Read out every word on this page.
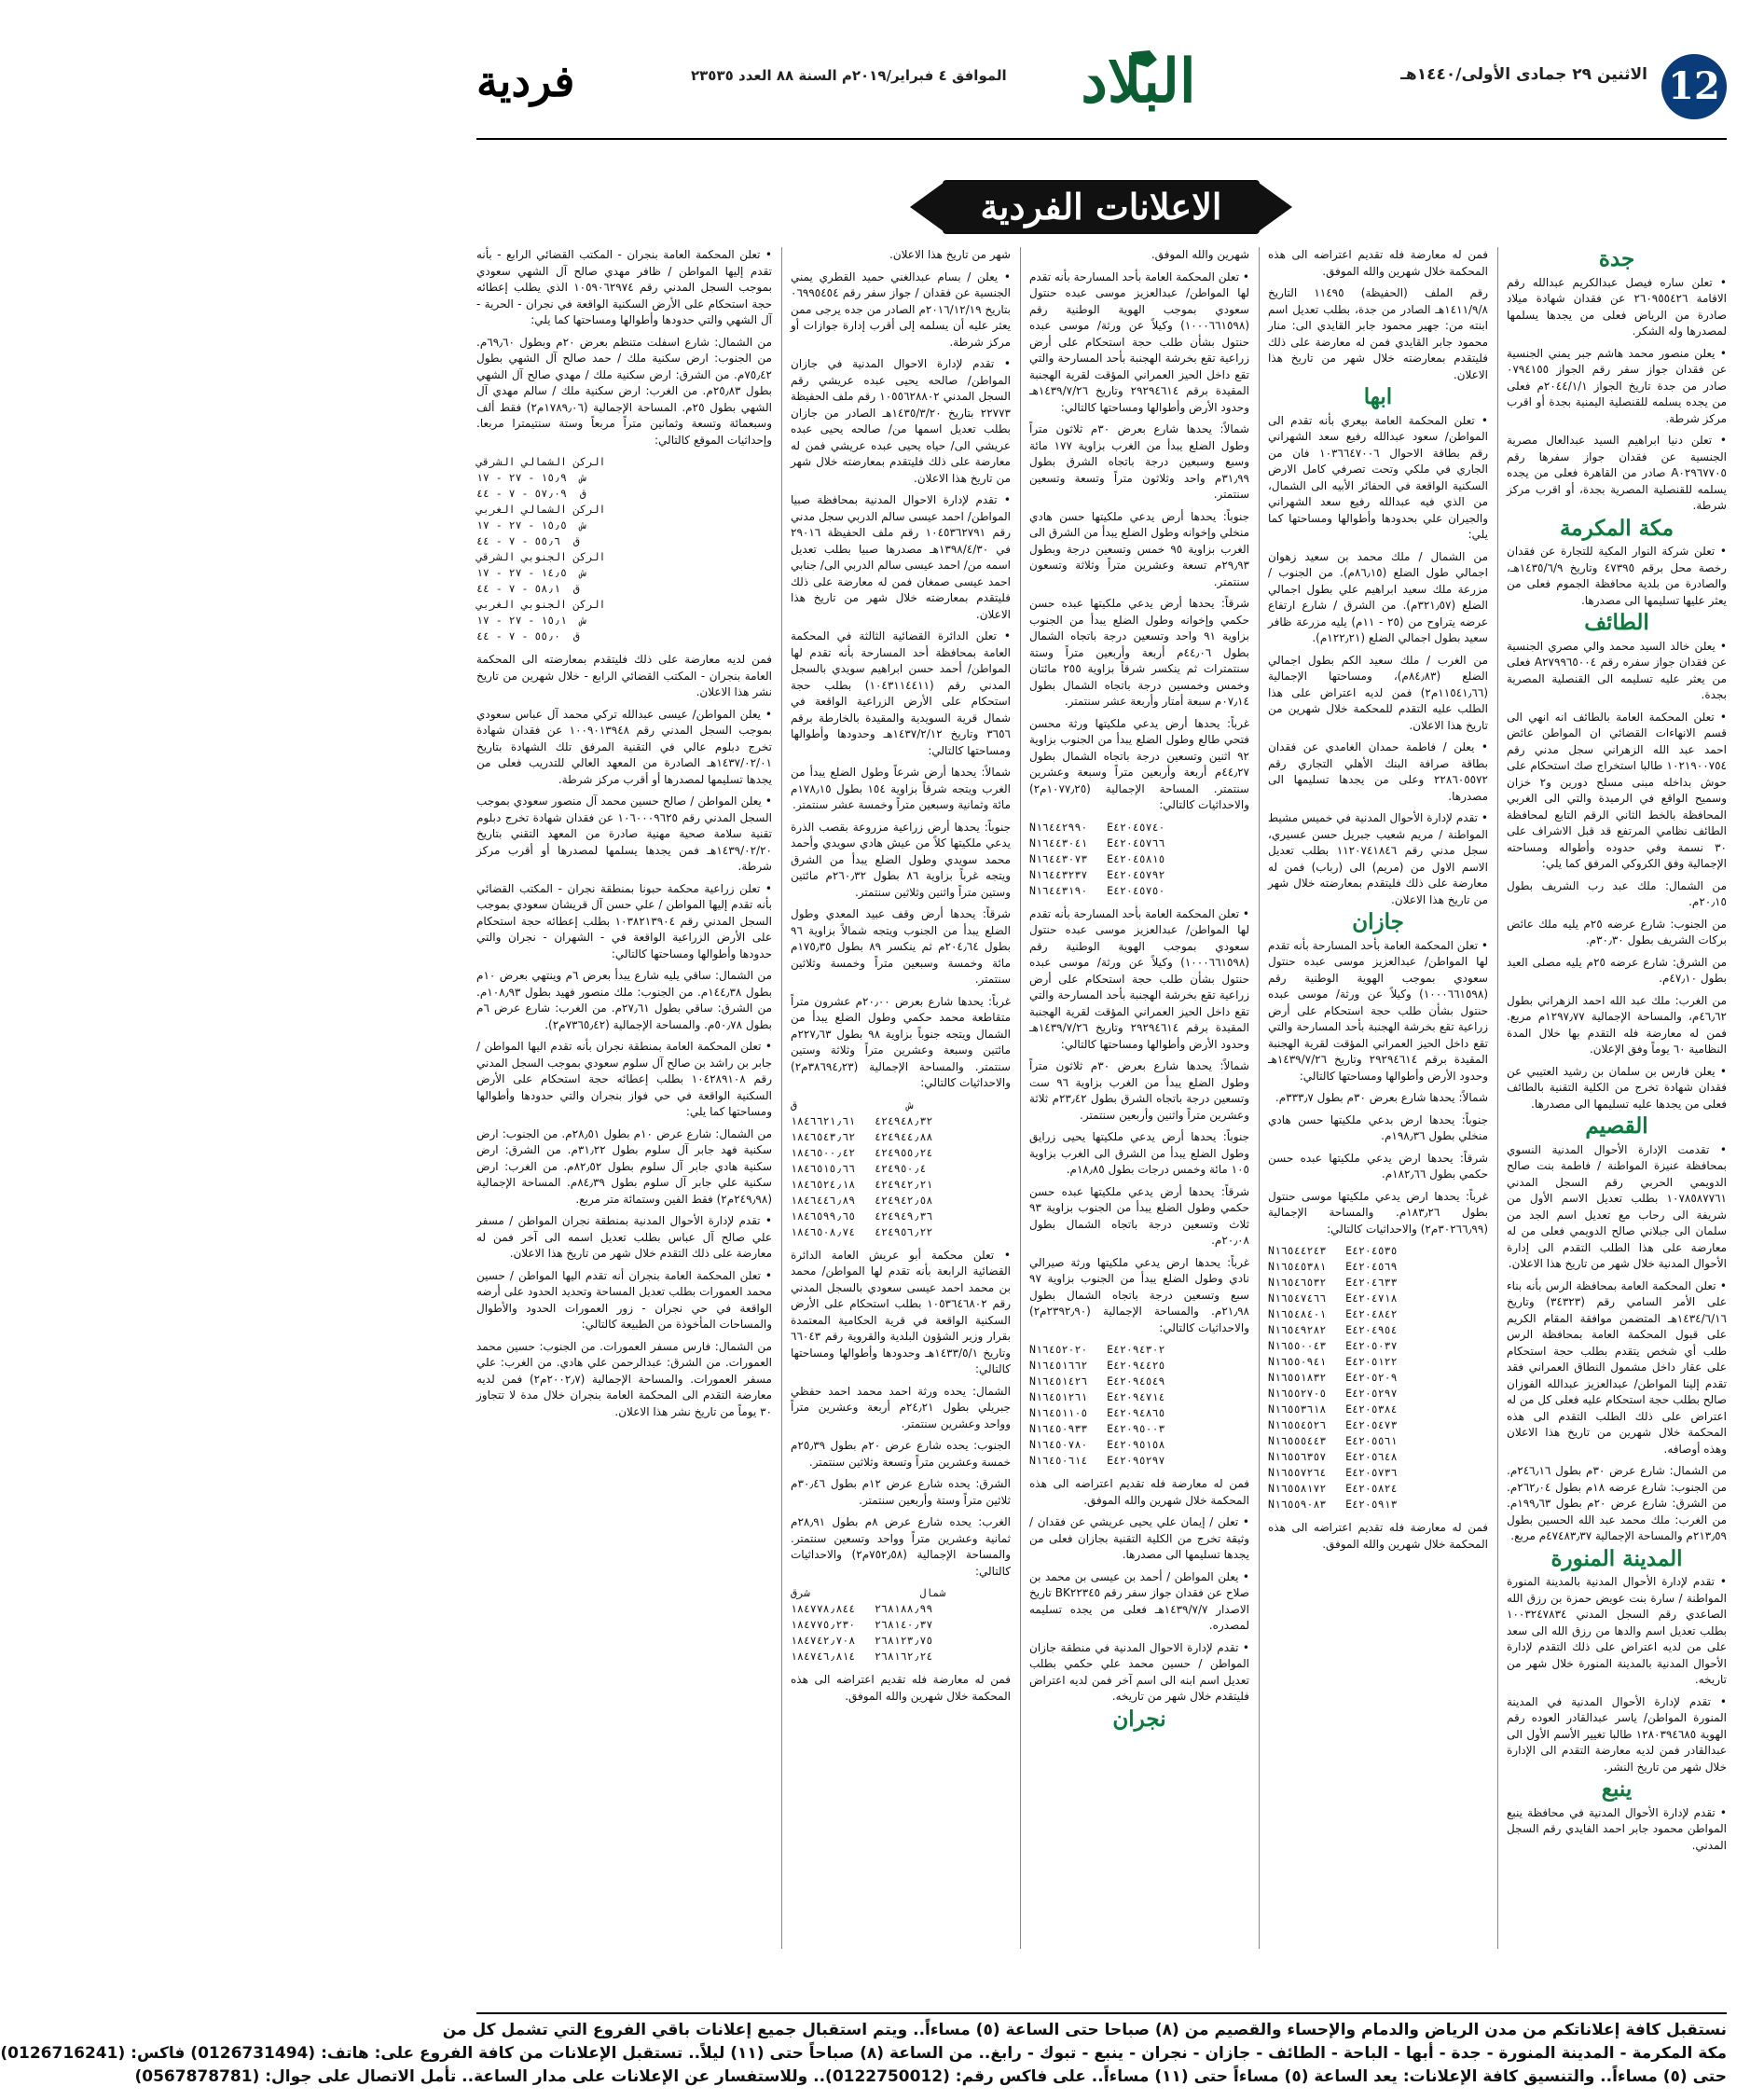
12
الاثنين ٢٩ جمادى الأولى/١٤٤٠هـ
البلاد
الموافق ٤ فبراير/٢٠١٩م السنة ٨٨ العدد ٢٣٥٣٥
فردية
الاعلانات الفردية
جدة

• تعلن ساره فيصل عبدالكريم عبدالله رقم الاقامة ٢٦٠٩٥٥٤٢٦ عن فقدان شهادة ميلاد صادرة من الرياض فعلى من يجدها يسلمها لمصدرها وله الشكر.

• يعلن منصور محمد هاشم جبر يمني الجنسية عن فقدان جواز سفر رقم الجواز ٠٧٩٤١٥٥ صادر من جدة تاريخ الجواز ٢٠٤٤/١/١م فعلى من يجده يسلمه للقنصلية اليمنية بجدة أو اقرب مركز شرطة.

• تعلن دنيا ابراهيم السيد عبدالعال مصرية الجنسية عن فقدان جواز سفرها رقم A٠٢٩٦٧٧٠٥ صادر من القاهرة فعلى من يجده يسلمه للقنصلية المصرية بجدة، أو اقرب مركز شرطة.

مكة المكرمة

• تعلن شركة النوار المكية للتجارة عن فقدان رخصة محل برقم ٤٧٣٩٥ وتاريخ ١٤٣٥/٦/٩هـ، والصادرة من بلدية محافظة الجموم فعلى من يعثر عليها تسليمها الى مصدرها.

الطائف

• يعلن خالد السيد محمد والي مصري الجنسية عن فقدان جواز سفره رقم A٢٧٩٩٦٥٠٠٤ فعلى من يعثر عليه تسليمه الى القنصلية المصرية بجدة.

• تعلن المحكمة العامة بالطائف انه انهي الى قسم الانهاءات القضائي ان المواطن عائض احمد عبد الله الزهراني سجل مدني رقم ١٠٢١٩٠٠٧٥٤ طالبا استخراج صك استحكام على حوش بداخله مبنى مسلح دورين و٢ خزان وسميح الواقع في الرميدة والتي الى الغربي المحافظة بالخط الثاني الرقم التابع لمحافظة الطائف نظامي المرتفع قد قبل الاشراف على ٣٠ نسمة وفي حدوده وأطواله ومساحته الإجمالية وفق الكروكي المرفق كما يلي:

من الشمال: ملك عبد رب الشريف بطول ٢٠٫١٥م.

من الجنوب: شارع عرضه ٢٥م يليه ملك عائض بركات الشريف بطول ٣٠٫٣٠م.

من الشرق: شارع عرضه ٢٥م يليه مصلى العيد بطول ٤٧٫١٠م.

من الغرب: ملك عبد الله احمد الزهراني بطول ٤٦٫٦٢م، والمساحة الإجمالية ١٢٩٧٫٧٧م مربع. فمن له معارضة فله التقدم بها خلال المدة النظامية ٦٠ يوماً وفق الإعلان.

• يعلن فارس بن سلمان بن رشيد العتيبي عن فقدان شهادة تخرج من الكلية التقنية بالطائف فعلى من يجدها عليه تسليمها الى مصدرها.

القصيم

• تقدمت الإدارة الأحوال المدنية النسوي بمحافظة عنيزة المواطنة / فاطمة بنت صالح الدويمي الحربي رقم السجل المدني ١٠٧٨٥٨٧٧٦١ بطلب تعديل الاسم الأول من شريفة الى رحاب مع تعديل اسم الجد من سلمان الى جبلاني صالح الدويمي فعلى من له معارضة على هذا الطلب التقدم الى إدارة الأحوال المدنية خلال شهر من تاريخ هذا الاعلان.

• تعلن المحكمة العامة بمحافظة الرس بأنه بناء على الأمر السامي رقم (٣٤٣٢٣) وتاريخ ١٤٣٤/٦/١٦هـ المتضمن موافقة المقام الكريم على قبول المحكمة العامة بمحافظة الرس طلب أي شخص يتقدم بطلب حجة استحكام على عقار داخل مشمول النطاق العمراني فقد تقدم إلينا المواطن/ عبدالعزيز عبدالله الفوزان صالح بطلب حجة استحكام عليه فعلى كل من له اعتراض على ذلك الطلب التقدم الى هذه المحكمة خلال شهرين من تاريخ هذا الاعلان وهذه أوصافه.

من الشمال: شارع عرض ٣٠م بطول ٢٤٦٫١٦م. من الجنوب: شارع عرضه ١٨م بطول ٢٦٢٫٠٤م. من الشرق: شارع عرض ٢٠م بطول ١٩٩٫٦٣م. من الغرب: ملك محمد عبد الله الحسين بطول ٢١٣٫٥٩م والمساحة الإجمالية ٤٧٤٨٣٫٣٧م مربع.

المدينة المنورة

• تقدم لإدارة الأحوال المدنية بالمدينة المنورة المواطنة / سارة بنت عويض حمزة بن رزق الله الصاعدي رقم السجل المدني ١٠٠٣٢٤٧٨٣٤ بطلب تعديل اسم والدها من رزق الله الى سعد على من لديه اعتراض على ذلك التقدم لإدارة الأحوال المدنية بالمدينة المنورة خلال شهر من تاريخه.

• تقدم لإدارة الأحوال المدنية في المدينة المنورة المواطن/ ياسر عبدالقادر العوده رقم الهوية ١٢٨٠٣٩٤٦٨٥ طالبا تغيير الأسم الأول الى عبدالقادر فمن لديه معارضة التقدم الى الإدارة خلال شهر من تاريخ النشر.

ينبع

• تقدم لإدارة الأحوال المدنية في محافظة ينبع المواطن محمود جابر احمد الفايدي رقم السجل المدني.

فمن له معارضة فله تقديم اعتراضه الى هذه المحكمة خلال شهرين والله الموفق.

رقم الملف (الحفيظة) ١١٤٩٥ التاريخ ١٤١١/٩/٨هـ الصادر من جدة، بطلب تعديل اسم ابنته من: جهير محمود جابر القايدي الى: منار محمود جابر القايدي فمن له معارضة على ذلك فليتقدم بمعارضته خلال شهر من تاريخ هذا الاعلان.

ابها

• تعلن المحكمة العامة بيعري بأنه تقدم الى المواطن/ سعود عبدالله رفيع سعد الشهراني رقم بطاقة الاحوال ١٠٣٦٦٤٧٠٠٦ فان من الجاري في ملكي وتحت تصرفي كامل الارض السكنية الواقعة في الحفائر الأبيه الى الشمال، من الذي فيه عبدالله رفيع سعد الشهراني والجيران علي بحدودها وأطوالها ومساحتها كما يلي:

من الشمال / ملك محمد بن سعيد زهوان اجمالي طول الضلع (٨٦٫١٥م). من الجنوب / مزرعة ملك سعيد ابراهيم علي بطول اجمالي الضلع (٣٢١٫٥٧م). من الشرق / شارع ارتفاع عرضه يتراوح من (٢٥ - ١١م) يليه مزرعة ظافر سعيد بطول اجمالي الضلع (١٢٢٫٢١م).

من الغرب / ملك سعيد الكم بطول اجمالي الضلع (٨٤٫٨٣م)، ومساحتها الإجمالية (١١٥٤١٫٦٦م٢) فمن لديه اعتراض على هذا الطلب عليه التقدم للمحكمة خلال شهرين من تاريخ هذا الاعلان.

• يعلن / فاطمة حمدان الغامدي عن فقدان بطاقة صرافة البنك الأهلي التجاري رقم ٢٢٨٦٠٥٥٧٢ وعلى من يجدها تسليمها الى مصدرها.

• تقدم لإدارة الأحوال المدنية في خميس مشيط المواطنة / مريم شعيب جبريل حسن عسيري، سجل مدني رقم ١١٢٠٧٤١٨٤٦ بطلب تعديل الاسم الاول من (مريم) الى (رباب) فمن له معارضة على ذلك فليتقدم بمعارضته خلال شهر من تاريخ هذا الاعلان.

جازان

• تعلن المحكمة العامة بأحد المسارحة بأنه تقدم لها المواطن/ عبدالعزيز موسى عبده حنتول سعودي بموجب الهوية الوطنية رقم (١٠٠٠٦٦١٥٩٨) وكيلاً عن ورثة/ موسى عبده حنتول بشأن طلب حجة استحكام على أرض زراعية تقع بخرشة الهجنبة بأحد المسارحة والتي تقع داخل الحيز العمراني المؤقت لقرية الهجنبة المقيدة برقم ٢٩٢٩٤٦١٤ وتاريخ ١٤٣٩/٧/٢٦هـ وحدود الأرض وأطوالها ومساحتها كالتالي:

شمالاً: يحدها شارع بعرض ٣٠م بطول ٣٣٣٫٧م.

جنوباً: يحدها ارض بدعي ملكيتها حسن هادي منخلي بطول ١٩٨٫٣٦م.

شرقاً: يحدها ارض يدعي ملكيتها عبده حسن حكمي بطول ١٨٢٫٦٦م.

غرباً: يحدها ارض يدعي ملكيتها موسى حنتول بطول ١٨٣٫٢٦م. والمساحة الإجمالية (٣٠٢٦٦٫٩٩م٢) والاحداثيات كالتالي:

N١٦٥٤٤٢٤٣   E٤٢٠٤٥٣٥
N١٦٥٤٥٣٨١   E٤٢٠٤٥٦٩
N١٦٥٤٦٥٣٢   E٤٢٠٤٦٣٣
N١٦٥٤٧٤٦٦   E٤٢٠٤٧١٨
N١٦٥٤٨٤٠١   E٤٢٠٤٨٤٢
N١٦٥٤٩٢٨٢   E٤٢٠٤٩٥٤
N١٦٥٥٠٠٤٣   E٤٢٠٥٠٣٧
N١٦٥٥٠٩٤١   E٤٢٠٥١٢٢
N١٦٥٥١٨٣٢   E٤٢٠٥٢٠٩
N١٦٥٥٢٧٠٥   E٤٢٠٥٢٩٧
N١٦٥٥٣٦١٨   E٤٢٠٥٣٨٤
N١٦٥٥٤٥٢٦   E٤٢٠٥٤٧٣
N١٦٥٥٥٤٤٣   E٤٢٠٥٥٦١
N١٦٥٥٦٣٥٧   E٤٢٠٥٦٤٨
N١٦٥٥٧٢٦٤   E٤٢٠٥٧٣٦
N١٦٥٥٨١٧٢   E٤٢٠٥٨٢٤
N١٦٥٥٩٠٨٣   E٤٢٠٥٩١٣

فمن له معارضة فله تقديم اعتراضه الى هذه المحكمة خلال شهرين والله الموفق.

شهرين والله الموفق.

• تعلن المحكمة العامة بأحد المسارحة بأنه تقدم لها المواطن/ عبدالعزيز موسى عبده حنتول سعودي بموجب الهوية الوطنية رقم (١٠٠٠٦٦١٥٩٨) وكيلاً عن ورثة/ موسى عبده حنتول بشأن طلب حجة استحكام على أرض زراعية تقع بخرشة الهجنبة بأحد المسارحة والتي تقع داخل الحيز العمراني المؤقت لقرية الهجنبة المقيدة برقم ٢٩٢٩٤٦١٤ وتاريخ ١٤٣٩/٧/٢٦هـ وحدود الأرض وأطوالها ومساحتها كالتالي:

شمالاً: يحدها شارع بعرض ٣٠م ثلاثون متراً وطول الضلع يبدأ من الغرب بزاوية ١٧٧ مائة وسبع وسبعين درجة باتجاه الشرق بطول ٣١٫٩٩م واحد وثلاثون متراً وتسعة وتسعين سنتمتر.

جنوباً: يحدها أرض يدعي ملكيتها حسن هادي منخلي وإخوانه وطول الضلع يبدأ من الشرق الى الغرب بزاوية ٩٥ خمس وتسعين درجة وبطول ٢٩٫٩٣م تسعة وعشرين متراً وثلاثة وتسعون سنتمتر.

شرقاً: يحدها أرض يدعي ملكيتها عبده حسن حكمي وإخوانه وطول الضلع يبدأ من الجنوب بزاوية ٩١ واحد وتسعين درجة باتجاه الشمال بطول ٤٤٫٠٦م أربعة وأربعين متراً وستة سنتمترات ثم ينكسر شرقاً بزاوية ٢٥٥ مائتان وخمس وخمسين درجة باتجاه الشمال بطول ٠٧٫١٤م سبعة أمتار وأربعة عشر سنتمتر.

غرباً: يحدها أرض يدعي ملكيتها ورثة محسن فتحي طالع وطول الضلع يبدأ من الجنوب بزاوية ٩٢ اثنين وتسعين درجة باتجاه الشمال بطول ٤٤٫٢٧م أربعة وأربعين متراً وسبعة وعشرين سنتمتر. المساحة الإجمالية (١٠٧٧٫٢٥م٢) والاحداثيات كالتالي:

N١٦٤٤٢٩٩٠   E٤٢٠٤٥٧٤٠
N١٦٤٤٣٠٤١   E٤٢٠٤٥٧٦٦
N١٦٤٤٣٠٧٣   E٤٢٠٤٥٨١٥
N١٦٤٤٣٢٣٧   E٤٢٠٤٥٧٩٢
N١٦٤٤٣١٩٠   E٤٢٠٤٥٧٥٠

• تعلن المحكمة العامة بأحد المسارحة بأنه تقدم لها المواطن/ عبدالعزيز موسى عبده حنتول سعودي بموجب الهوية الوطنية رقم (١٠٠٠٦٦١٥٩٨) وكيلاً عن ورثة/ موسى عبده حنتول بشأن طلب حجة استحكام على أرض زراعية تقع بخرشة الهجنبة بأحد المسارحة والتي تقع داخل الحيز العمراني المؤقت لقرية الهجنبة المقيدة برقم ٢٩٢٩٤٦١٤ وتاريخ ١٤٣٩/٧/٢٦هـ وحدود الأرض وأطوالها ومساحتها كالتالي:

شمالاً: يحدها شارع بعرض ٣٠م ثلاثون متراً وطول الضلع يبدأ من الغرب بزاوية ٩٦ ست وتسعين درجة باتجاه الشرق بطول ٢٣٫٤٢م ثلاثة وعشرين متراً واثنين وأربعين سنتمتر.

جنوباً: يحدها أرض يدعي ملكيتها يحيى زرايق وطول الضلع يبدأ من الشرق الى الغرب بزاوية ١٠٥ مائة وخمس درجات بطول ١٨٫٨٥م.

شرقاً: يحدها أرض يدعي ملكيتها عبده حسن حكمي وطول الضلع يبدأ من الجنوب بزاوية ٩٣ ثلاث وتسعين درجة باتجاه الشمال بطول ٢٠٫٠٨م.

غرباً: يحدها ارض يدعي ملكيتها ورثة صيرالي نادي وطول الضلع يبدأ من الجنوب بزاوية ٩٧ سبع وتسعين درجة باتجاه الشمال بطول ٢١٫٩٨م. والمساحة الإجمالية (٢٣٩٢٫٩٠م٢) والاحداثيات كالتالي:

N١٦٤٥٢٠٢٠   E٤٢٠٩٤٣٠٢
N١٦٤٥١٦٦٢   E٤٢٠٩٤٤٢٥
N١٦٤٥١٤٢٦   E٤٢٠٩٤٥٤٩
N١٦٤٥١٢٦١   E٤٢٠٩٤٧١٤
N١٦٤٥١١٠٥   E٤٢٠٩٤٨٦٥
N١٦٤٥٠٩٣٣   E٤٢٠٩٥٠٠٣
N١٦٤٥٠٧٨٠   E٤٢٠٩٥١٥٨
N١٦٤٥٠٦١٤   E٤٢٠٩٥٢٩٧

فمن له معارضة فله تقديم اعتراضه الى هذه المحكمة خلال شهرين والله الموفق.

• تعلن / إيمان علي يحيى عريشي عن فقدان / وثيقة تخرج من الكلية التقنية بجازان فعلى من يجدها تسليمها الى مصدرها.

• يعلن المواطن / أحمد بن عيسى بن محمد بن صلاح عن فقدان جواز سفر رقم BK٢٢٣٤٥ تاريخ الاصدار ١٤٣٩/٧/٧هـ فعلى من يجده تسليمه لمصدره.

• تقدم لإدارة الاحوال المدنية في منطقة جازان المواطن / حسين محمد علي حكمي بطلب تعديل اسم ابنه الى اسم آخر فمن لديه اعتراض فليتقدم خلال شهر من تاريخه.

نجران

شهر من تاريخ هذا الاعلان.

• يعلن / بسام عبدالغني حميد القطري يمني الجنسية عن فقدان / جواز سفر رقم ٠٦٩٩٥٤٥٤ بتاريخ ٢٠١٦/١٢/١٩م الصادر من جده يرجى ممن يعثر عليه أن يسلمه إلى أقرب إدارة جوازات أو مركز شرطة.

• تقدم لإدارة الاحوال المدنية في جازان المواطن/ صالحه يحيى عبده عريشي رقم السجل المدني ١٠٥٥٦٢٨٨٠٢ رقم ملف الحفيظة ٢٢٧٧٣ بتاريخ ١٤٣٥/٣/٢٠هـ الصادر من جازان بطلب تعديل اسمها من/ صالحه يحيى عبده عريشي الى/ حياه يحيى عبده عريشي فمن له معارضة على ذلك فليتقدم بمعارضته خلال شهر من تاريخ هذا الاعلان.

• تقدم لإدارة الاحوال المدنية بمحافظة صبيا المواطن/ احمد عيسى سالم الدربي سجل مدني رقم ١٠٤٥٣٦٢٧٩١ رقم ملف الحفيظة ٢٩٠١٦ في ١٣٩٨/٤/٣٠هـ مصدرها صبيا بطلب تعديل اسمه من/ احمد عيسى سالم الدربي الى/ جنابي احمد عيسى صمغان فمن له معارضة على ذلك فليتقدم بمعارضته خلال شهر من تاريخ هذا الاعلان.

• تعلن الدائرة القضائية الثالثة في المحكمة العامة بمحافظة أحد المسارحة بأنه تقدم لها المواطن/ أحمد حسن ابراهيم سويدي بالسجل المدني رقم (١٠٤٣١١٤٤١١) بطلب حجة استحكام على الأرض الزراعية الواقعة في شمال قرية السويدية والمقيدة بالخارطة برقم ٣٦٥٦ وتاريخ ١٤٣٧/٢/١٢هـ وحدودها وأطوالها ومساحتها كالتالي:

شمالاً: يحدها أرض شرعاً وطول الضلع يبدأ من الغرب ويتجه شرقاً بزاوية ١٥٤ بطول ١٧٨٫١٥م مائة وثمانية وسبعين متراً وخمسة عشر سنتمتر.

جنوباً: يحدها أرض زراعية مزروعة بقصب الذرة يدعي ملكيتها كلاً من عيش هادي سويدي وأحمد محمد سويدي وطول الضلع يبدأ من الشرق ويتجه غرباً بزاوية ٨٦ بطول ٢٦٠٫٣٢م مائتين وستين متراً واثنين وثلاثين سنتمتر.

شرقاً: يحدها أرض وقف عبيد المعدي وطول الضلع يبدأ من الجنوب ويتجه شمالاً بزاوية ٩٦ بطول ٢٠٤٫٦٤م ثم ينكسر ٨٩ بطول ١٧٥٫٣٥م مائة وخمسة وسبعين متراً وخمسة وثلاثين سنتمتر.

غرباً: يحدها شارع بعرض ٢٠٫٠٠م عشرون متراً متقاطعة محمد حكمي وطول الضلع يبدأ من الشمال ويتجه جنوباً بزاوية ٩٨ بطول ٢٢٧٫٦٣م مائتين وسبعة وعشرين متراً وثلاثة وستين سنتمتر. والمساحة الإجمالية (٣٨٦٩٤٫٢٣م٢) والاحداثيات كالتالي:

ش                 ق
٤٢٤٩٤٨٫٣٢   ١٨٤٦٦٢١٫٦١
٤٢٤٩٤٤٫٨٨   ١٨٤٦٥٤٣٫٦٢
٤٢٤٩٥٥٫٢٤   ١٨٤٦٥٠٠٫٤٢
٤٢٤٩٥٠٫٤   ١٨٤٦٥١٥٫٦٦
٤٢٤٩٤٢٫٢١   ١٨٤٦٥٢٤٫١٨
٤٢٤٩٤٢٫٥٨   ١٨٤٦٤٤٦٫٨٩
٤٢٤٩٤٩٫٣٦   ١٨٤٦٥٩٩٫٦٥
٤٢٤٩٥٦٫٢٢   ١٨٤٦٥٠٨٫٧٤

• تعلن محكمة أبو عريش العامة الدائرة القضائية الرابعة بأنه تقدم لها المواطن/ محمد بن محمد احمد عيسى سعودي بالسجل المدني رقم ١٠٥٣٦٤٦٨٠٢ بطلب استحكام على الأرض السكنية الواقعة في قرية الحكامية المعتمدة بقرار وزير الشؤون البلدية والقروية رقم ٦٦٠٤٣ وتاريخ ١٤٣٣/٥/١هـ وحدودها وأطوالها ومساحتها كالتالي:

الشمال: يحده ورثة احمد محمد احمد حفظي جبريلي بطول ٢٤٫٢١م أربعة وعشرين متراً وواحد وعشرين سنتمتر.

الجنوب: يحده شارع عرض ٢٠م بطول ٢٥٫٣٩م خمسة وعشرين متراً وتسعة وثلاثين سنتمتر.

الشرق: يحده شارع عرض ١٢م بطول ٣٠٫٤٦م ثلاثين متراً وستة وأربعين سنتمتر.

الغرب: يحده شارع عرض ٨م بطول ٢٨٫٩١م ثمانية وعشرين متراً وواحد وتسعين سنتمتر. والمساحة الإجمالية (٧٥٢٫٥٨م٢) والاحداثيات كالتالي:

شمال                 شرق
٢٦٨١٨٨٫٩٩   ١٨٤٧٧٨٫٨٤٤
٢٦٨١٤٠٫٣٧   ١٨٤٧٧٥٫٢٣٠
٢٦٨١٢٣٫٧٥   ١٨٤٧٤٢٫٧٠٨
٢٦٨١٦٢٫٢٤   ١٨٤٧٤٦٫٨١٤

فمن له معارضة فله تقديم اعتراضه الى هذه المحكمة خلال شهرين والله الموفق.

• تعلن المحكمة العامة بنجران - المكتب القضائي الرابع - بأنه تقدم إليها المواطن / ظافر مهدي صالح آل الشهي سعودي بموجب السجل المدني رقم ١٠٥٩٠٦٢٩٧٤ الذي يطلب إعطائه حجة استحكام على الأرض السكنية الواقعة في نجران - الحرية - آل الشهي والتي حدودها وأطوالها ومساحتها كما يلي:

من الشمال: شارع اسفلت متنظم بعرض ٢٠م وبطول ٦٩٫٦٠م. من الجنوب: ارض سكنية ملك / حمد صالح آل الشهي بطول ٧٥٫٤٢م. من الشرق: ارض سكنية ملك / مهدي صالح آل الشهي بطول ٢٥٫٨٣م. من الغرب: ارض سكنية ملك / سالم مهدي آل الشهي بطول ٢٥م. المساحة الإجمالية (١٧٨٩٫٠٦م٢) فقط ألف وسبعمائة وتسعة وثمانين متراً مربعاً وستة سنتيمترا مربعا. وإحداثيات الموقع كالتالي:

الركن الشمالي الشرقي
ش  ١٥٫٩ - ٢٧ - ١٧
ق  ٥٧٫٠٩ - ٧ - ٤٤
الركن الشمالي الغربي
ش  ١٥٫٥ - ٢٧ - ١٧
ق  ٥٥٫٦ - ٧ - ٤٤
الركن الجنوبي الشرقي
ش  ١٤٫٥ - ٢٧ - ١٧
ق  ٥٨٫١ - ٧ - ٤٤
الركن الجنوبي الغربي
ش  ١٥٫١ - ٢٧ - ١٧
ق  ٥٥٫٠ - ٧ - ٤٤

فمن لديه معارضة على ذلك فليتقدم بمعارضته الى المحكمة العامة بنجران - المكتب القضائي الرابع - خلال شهرين من تاريخ نشر هذا الاعلان.

• يعلن المواطن/ عيسى عبدالله تركي محمد آل عباس سعودي بموجب السجل المدني رقم ١٠٠٩٠١٣٩٤٨ عن فقدان شهادة تخرج دبلوم عالي في التقنية المرفق تلك الشهادة بتاريخ ١٤٣٧/٠٢/٠١هـ الصادرة من المعهد العالي للتدريب فعلى من يجدها تسليمها لمصدرها أو أقرب مركز شرطة.

• يعلن المواطن / صالح حسين محمد آل منصور سعودي بموجب السجل المدني رقم ١٠٦٠٠٠٩٦٢٥ عن فقدان شهادة تخرج دبلوم تقنية سلامة صحية مهنية صادرة من المعهد التقني بتاريخ ١٤٣٩/٠٢/٢٠هـ فمن يجدها يسلمها لمصدرها أو أقرب مركز شرطة.

• تعلن زراعية محكمة حبونا بمنطقة نجران - المكتب القضائي بأنه تقدم إليها المواطن / علي حسن آل قريشان سعودي بموجب السجل المدني رقم ١٠٣٨٢١٣٩٠٤ بطلب إعطائه حجة استحكام على الأرض الزراعية الواقعة في - الشهران - نجران والتي حدودها وأطوالها ومساحتها كالتالي:

من الشمال: ساقي يليه شارع يبدأ بعرض ٦م وينتهي بعرض ١٠م بطول ١٤٤٫٣٨م. من الجنوب: ملك منصور فهيد بطول ١٠٨٫٩٣م. من الشرق: ساقي بطول ٢٧٫٦١م. من الغرب: شارع عرض ٦م بطول ٥٠٫٧٨م. والمساحة الإجمالية (٧٣٦٥٫٤٢م٢).

• تعلن المحكمة العامة بمنطقة نجران بأنه تقدم اليها المواطن / جابر بن راشد بن صالح آل سلوم سعودي بموجب السجل المدني رقم ١٠٤٢٨٩١٠٨ بطلب إعطائه حجة استحكام على الأرض السكنية الواقعة في حي فواز بنجران والتي حدودها وأطوالها ومساحتها كما يلي:

من الشمال: شارع عرض ١٠م بطول ٢٨٫٥١م. من الجنوب: ارض سكنية فهد جابر آل سلوم بطول ٣١٫٢٢م. من الشرق: ارض سكنية هادي جابر آل سلوم بطول ٨٢٫٥٢م. من الغرب: ارض سكنية علي جابر آل سلوم بطول ٨٤٫٣٩م. المساحة الإجمالية (٢٤٩٫٩٨م٢) فقط الفين وستمائة متر مربع.

• تقدم لإدارة الأحوال المدنية بمنطقة نجران المواطن / مسفر علي صالح آل عباس بطلب تعديل اسمه الى آخر فمن له معارضة على ذلك التقدم خلال شهر من تاريخ هذا الاعلان.

• تعلن المحكمة العامة بنجران أنه تقدم اليها المواطن / حسين محمد العمورات بطلب تعديل المساحة وتحديد الحدود على أرضه الواقعة في حي نجران - زور العمورات الحدود والأطوال والمساحات المأخوذة من الطبيعة كالتالي:

من الشمال: فارس مسفر العمورات. من الجنوب: حسين محمد العمورات. من الشرق: عبدالرحمن علي هادي. من الغرب: علي مسفر العمورات. والمساحة الإجمالية (٢٠٠٢٫٧م٢) فمن لديه معارضة التقدم الى المحكمة العامة بنجران خلال مدة لا تتجاوز ٣٠ يوماً من تاريخ نشر هذا الاعلان.

نستقبل كافة إعلاناتكم من مدن الرياض والدمام والإحساء والقصيم من (٨) صباحا حتى الساعة (٥) مساءاً.. ويتم استقبال جميع إعلانات باقي الفروع التي تشمل كل من
مكة المكرمة - المدينة المنورة - جدة - أبها - الباحة - الطائف - جازان - نجران - ينبع - تبوك - رابغ.. من الساعة (٨) صباحاً حتى (١١) ليلاً.. تستقبل الإعلانات من كافة الفروع على: هاتف: (0126731494) فاكس: (0126716241)
حتى (٥) مساءاً.. والتنسيق كافة الإعلانات: يعد الساعة (٥) مساءاً حتى (١١) مساءاً.. على فاكس رقم: (0122750012).. وللاستفسار عن الإعلانات على مدار الساعة.. تأمل الاتصال على جوال: (0567878781)
